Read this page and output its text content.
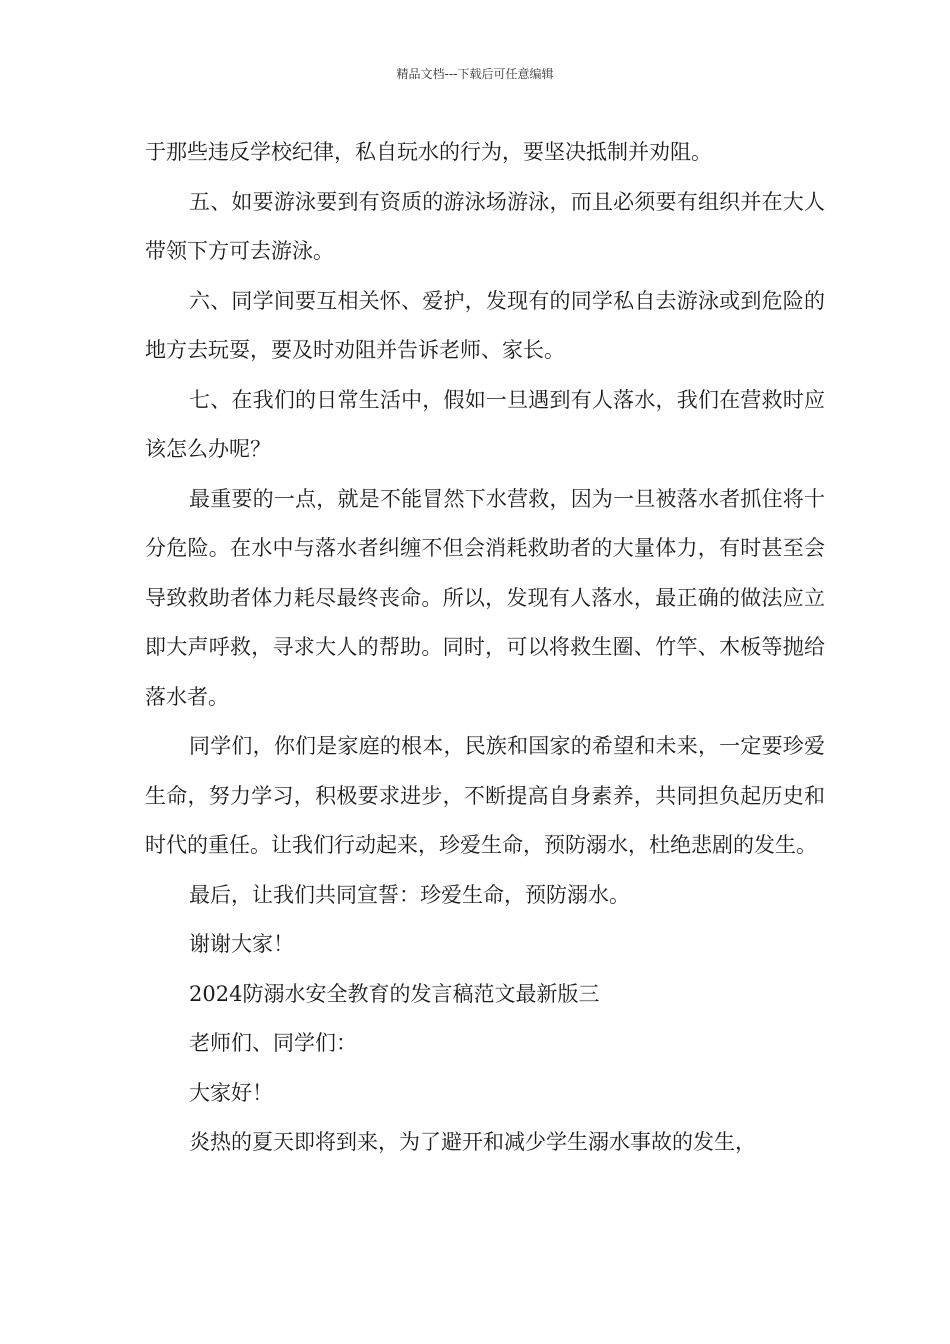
精品文档---下载后可任意编辑

于那些违反学校纪律，私自玩水的行为，要坚决抵制并劝阻。

五、如要游泳要到有资质的游泳场游泳，而且必须要有组织并在大人带领下方可去游泳。

六、同学间要互相关怀、爱护，发现有的同学私自去游泳或到危险的地方去玩耍，要及时劝阻并告诉老师、家长。

七、在我们的日常生活中，假如一旦遇到有人落水，我们在营救时应该怎么办呢？

最重要的一点，就是不能冒然下水营救，因为一旦被落水者抓住将十分危险。在水中与落水者纠缠不但会消耗救助者的大量体力，有时甚至会导致救助者体力耗尽最终丧命。所以，发现有人落水，最正确的做法应立即大声呼救，寻求大人的帮助。同时，可以将救生圈、竹竿、木板等抛给落水者。

同学们，你们是家庭的根本，民族和国家的希望和未来，一定要珍爱生命，努力学习，积极要求进步，不断提高自身素养，共同担负起历史和时代的重任。让我们行动起来，珍爱生命，预防溺水，杜绝悲剧的发生。

最后，让我们共同宣誓：珍爱生命，预防溺水。

谢谢大家！

2024防溺水安全教育的发言稿范文最新版三

老师们、同学们：

大家好！

炎热的夏天即将到来，为了避开和减少学生溺水事故的发生，
